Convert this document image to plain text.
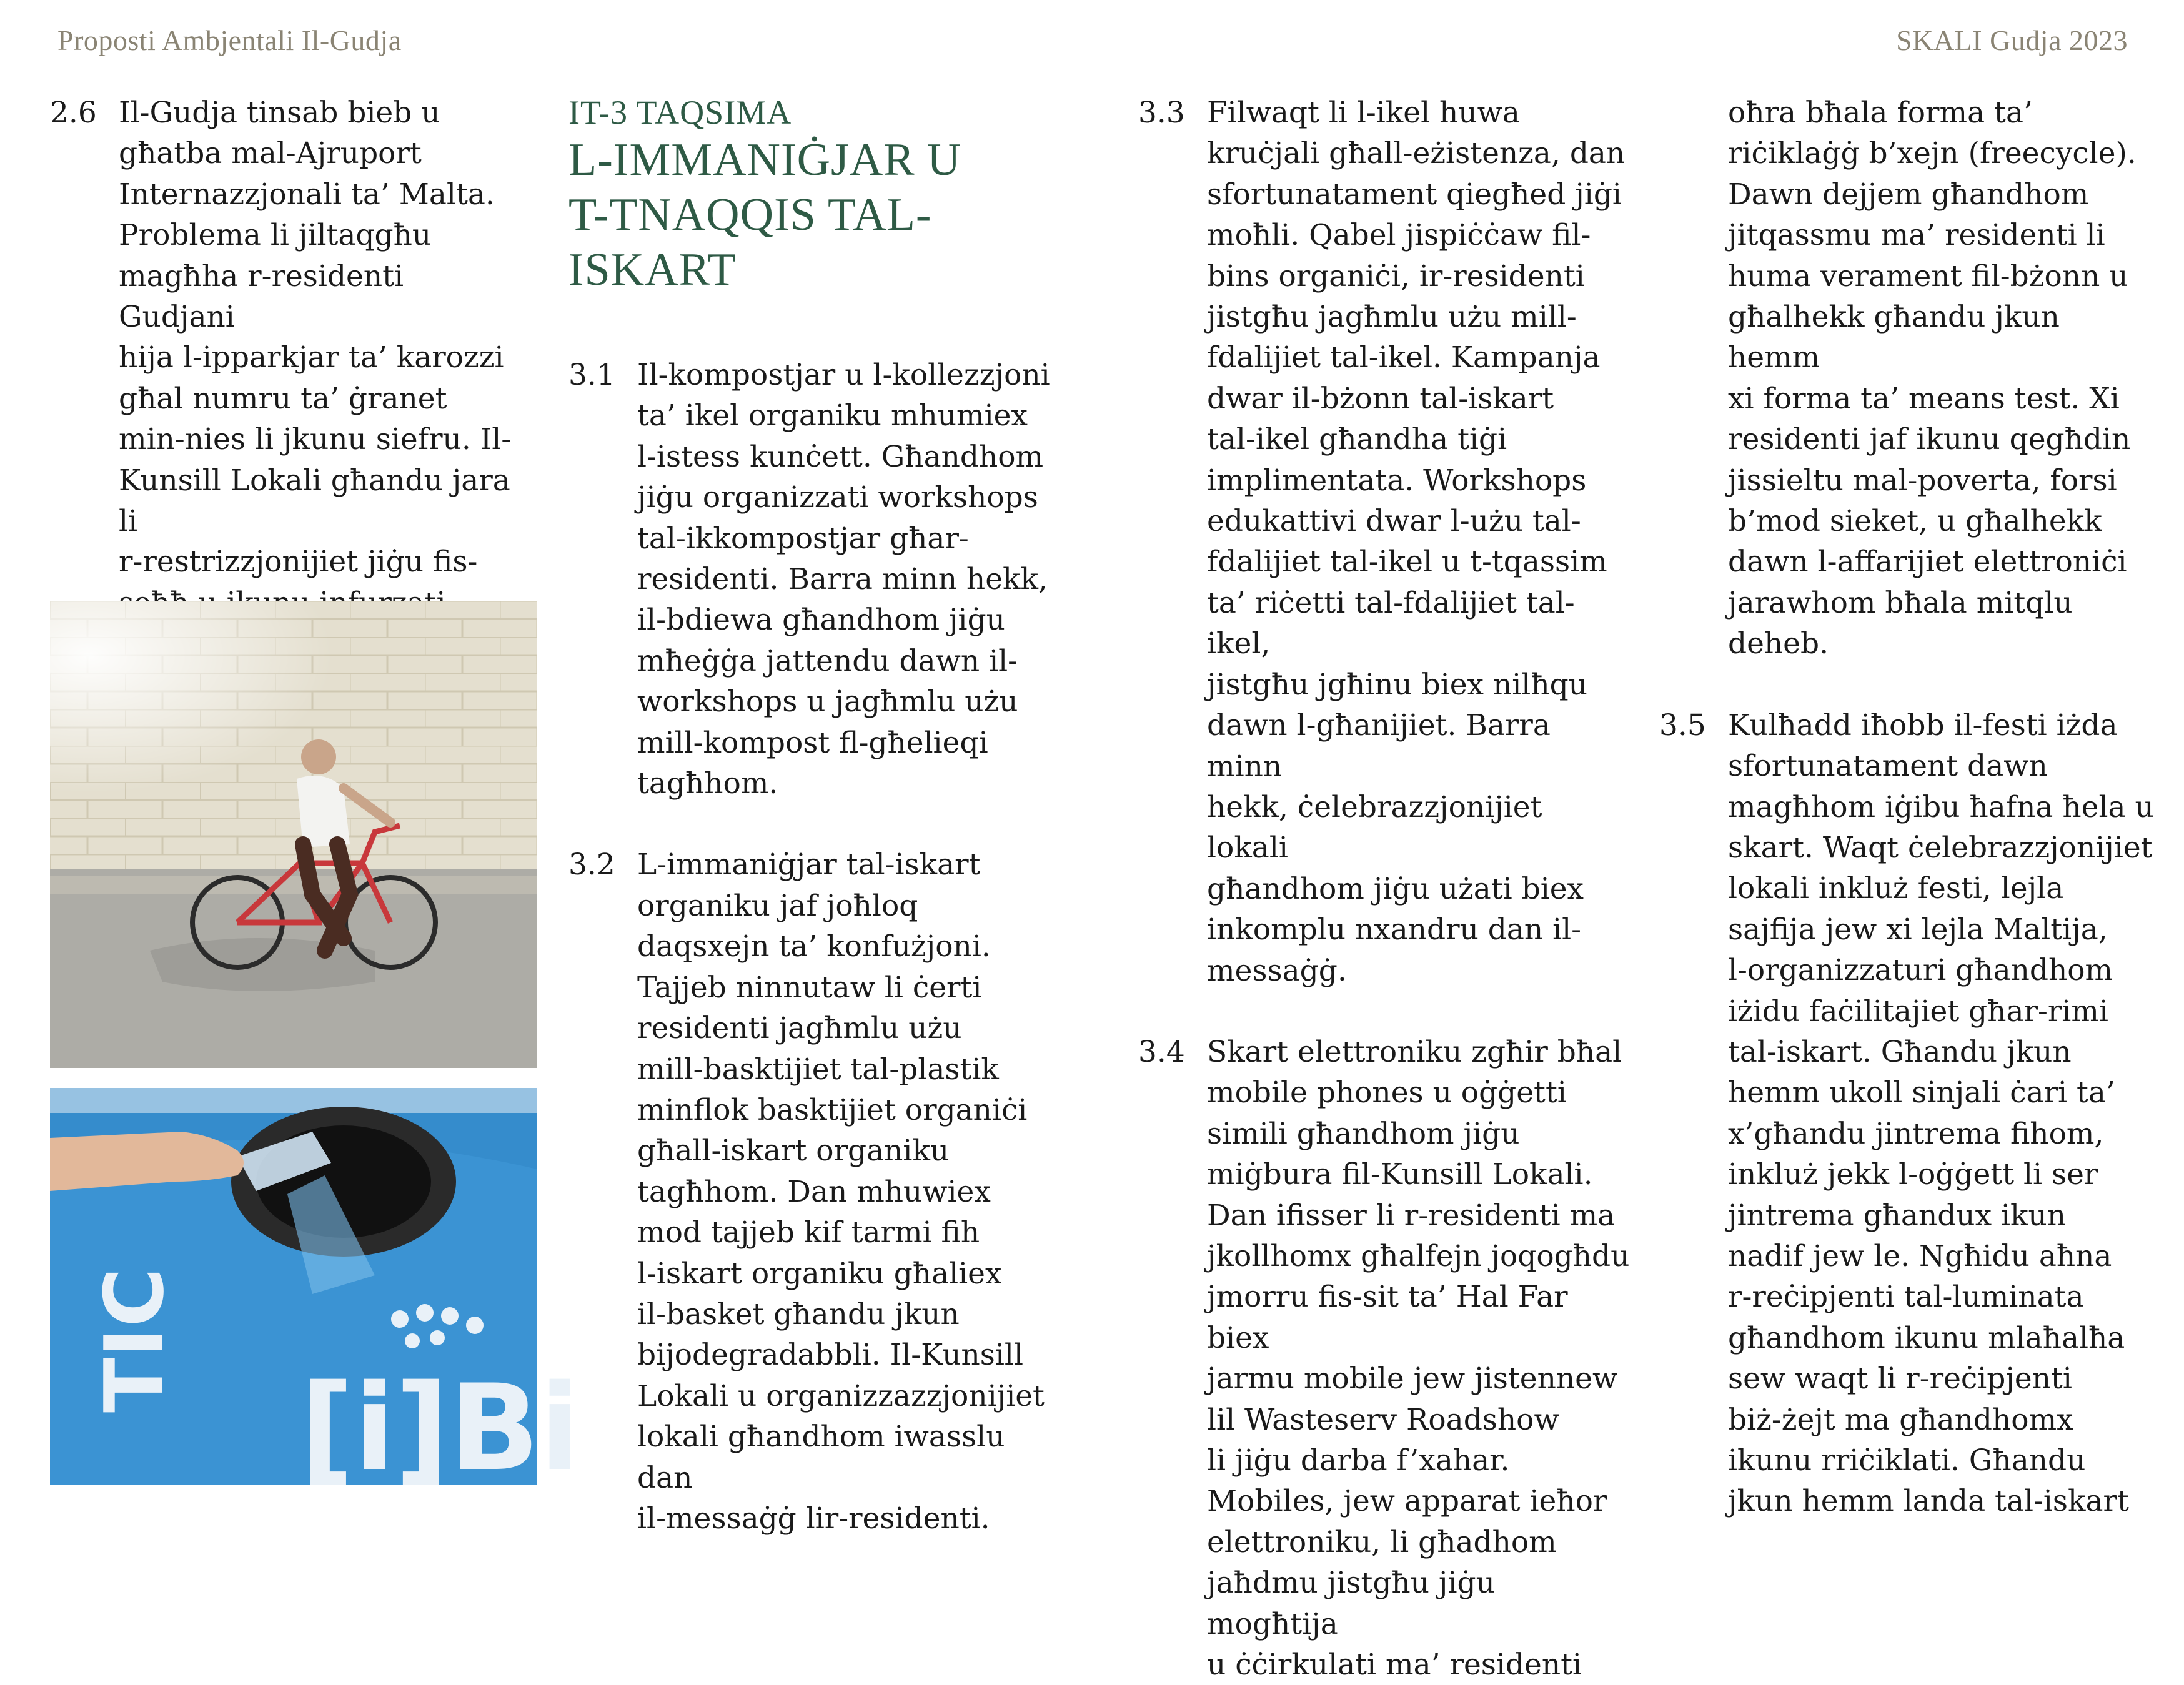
Proposti Ambjentali Il-Gudja	SKALI Gudja 2023
2.6 Il-Gudja tinsab bieb u
għatba mal-Ajruport
Internazzjonali ta’ Malta.
Problema li jiltaqgħu
magħha r-residenti Gudjani
hija l-ipparkjar ta’ karozzi
għal numru ta’ ġranet
min-nies li jkunu siefru. Il-
Kunsill Lokali għandu jara li
r-restrizzjonijiet jiġu fis-

[i]Bi
TIC
IT-3 TAQSIMA
L-IMMANIĠJAR U
T-TNAQQIS TAL-ISKART
3.1 Il-kompostjar u l-kollezzjoni
ta’ ikel organiku mhumiex
l-istess kunċett. Għandhom
jiġu organizzati workshops
tal-ikkompostjar għar-
residenti. Barra minn hekk,
il-bdiewa għandhom jiġu
mħeġġa jattendu dawn il-
workshops u jagħmlu użu
mill-kompost fl-għelieqi
tagħhom.
3.2 L-immaniġjar tal-iskart
organiku jaf joħloq
daqsxejn ta’ konfużjoni.
Tajjeb ninnutaw li ċerti
residenti jagħmlu użu
mill-basktijiet tal-plastik
minflok basktijiet organiċi
għall-iskart organiku
tagħhom. Dan mhuwiex
mod tajjeb kif tarmi fih
l-iskart organiku għaliex
il-basket għandu jkun
bijodegradabbli. Il-Kunsill
Lokali u organizzazzjonijiet
lokali għandhom iwasslu dan
il-messaġġ lir-residenti.
3.3 Filwaqt li l-ikel huwa
kruċjali għall-eżistenza, dan
sfortunatament qiegħed jiġi
moħli. Qabel jispiċċaw fil-
bins organiċi, ir-residenti
jistgħu jagħmlu użu mill-
fdalijiet tal-ikel. Kampanja
dwar il-bżonn tal-iskart
tal-ikel għandha tiġi
implimentata. Workshops
edukattivi dwar l-użu tal-
fdalijiet tal-ikel u t-tqassim
ta’ riċetti tal-fdalijiet tal-ikel,
jistgħu jgħinu biex nilħqu
dawn l-għanijiet. Barra minn
hekk, ċelebrazzjonijiet lokali
għandhom jiġu użati biex
inkomplu nxandru dan il-
messaġġ.
3.4 Skart elettroniku zgħir bħal
mobile phones u oġġetti
simili għandhom jiġu
miġbura fil-Kunsill Lokali.
Dan ifisser li r-residenti ma
jkollhomx għalfejn joqogħdu
jmorru fis-sit ta’ Hal Far biex
jarmu mobile jew jistennew
lil Wasteserv Roadshow
li jiġu darba f’xahar.
Mobiles, jew apparat ieħor
elettroniku, li għadhom
jaħdmu jistgħu jiġu mogħtija
u ċċirkulati ma’ residenti
oħra bħala forma ta’
riċiklaġġ b’xejn (freecycle).
Dawn dejjem għandhom
jitqassmu ma’ residenti li
huma verament fil-bżonn u
għalhekk għandu jkun hemm
xi forma ta’ means test. Xi
residenti jaf ikunu qegħdin
jissieltu mal-poverta, forsi
b’mod sieket, u għalhekk
dawn l-affarijiet elettroniċi
jarawhom bħala mitqlu
deheb.
3.5 Kulħadd iħobb il-festi iżda
sfortunatament dawn
magħhom iġibu ħafna ħela u
skart. Waqt ċelebrazzjonijiet
lokali inkluż festi, lejla
sajfija jew xi lejla Maltija,
l-organizzaturi għandhom
iżidu faċilitajiet għar-rimi
tal-iskart. Għandu jkun
hemm ukoll sinjali ċari ta’
x’għandu jintrema fihom,
inkluż jekk l-oġġett li ser
jintrema għandux ikun
nadif jew le. Ngħidu aħna
r-reċipjenti tal-luminata
għandhom ikunu mlaħalħa
sew waqt li r-reċipjenti
biż-żejt ma għandhomx
ikunu rriċiklati. Għandu
jkun hemm landa tal-iskart
